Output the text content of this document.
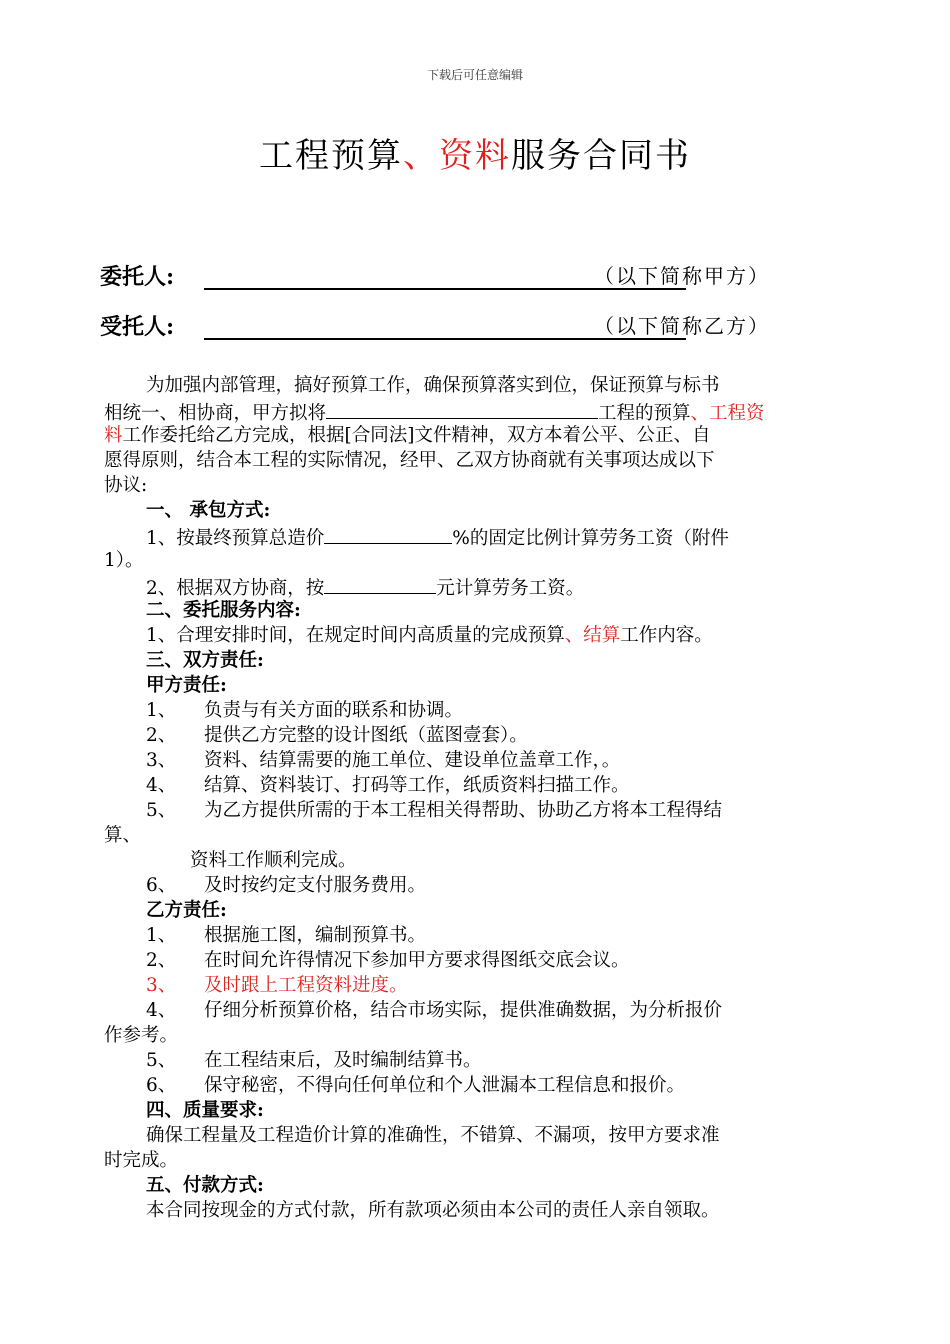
下载后可任意编辑
工程预算、资料服务合同书
委托人:	（以下简称甲方）
受托人:	（以下简称乙方）
为加强内部管理，搞好预算工作，确保预算落实到位，保证预算与标书
相统一、相协商，甲方拟将	工程的预算、工程资
料工作委托给乙方完成，根据[合同法]文件精神，双方本着公平、公正、自
愿得原则，结合本工程的实际情况，经甲、乙双方协商就有关事项达成以下
协议:
一、 承包方式:
1、按最终预算总造价	%的固定比例计算劳务工资（附件
1）。
2、根据双方协商，按	元计算劳务工资。
二、委托服务内容:
1、合理安排时间，在规定时间内高质量的完成预算、结算工作内容。
三、双方责任:
甲方责任:
1、 负责与有关方面的联系和协调。
2、 提供乙方完整的设计图纸（蓝图壹套）。
3、 资料、结算需要的施工单位、建设单位盖章工作，。
4、 结算、资料装订、打码等工作，纸质资料扫描工作。
5、 为乙方提供所需的于本工程相关得帮助、协助乙方将本工程得结
算、
资料工作顺利完成。
6、 及时按约定支付服务费用。
乙方责任:
1、 根据施工图，编制预算书。
2、 在时间允许得情况下参加甲方要求得图纸交底会议。
3、 及时跟上工程资料进度。
4、 仔细分析预算价格，结合市场实际，提供准确数据，为分析报价
作参考。
5、 在工程结束后，及时编制结算书。
6、 保守秘密，不得向任何单位和个人泄漏本工程信息和报价。
四、质量要求:
确保工程量及工程造价计算的准确性，不错算、不漏项，按甲方要求准
时完成。
五、付款方式:
本合同按现金的方式付款，所有款项必须由本公司的责任人亲自领取。
